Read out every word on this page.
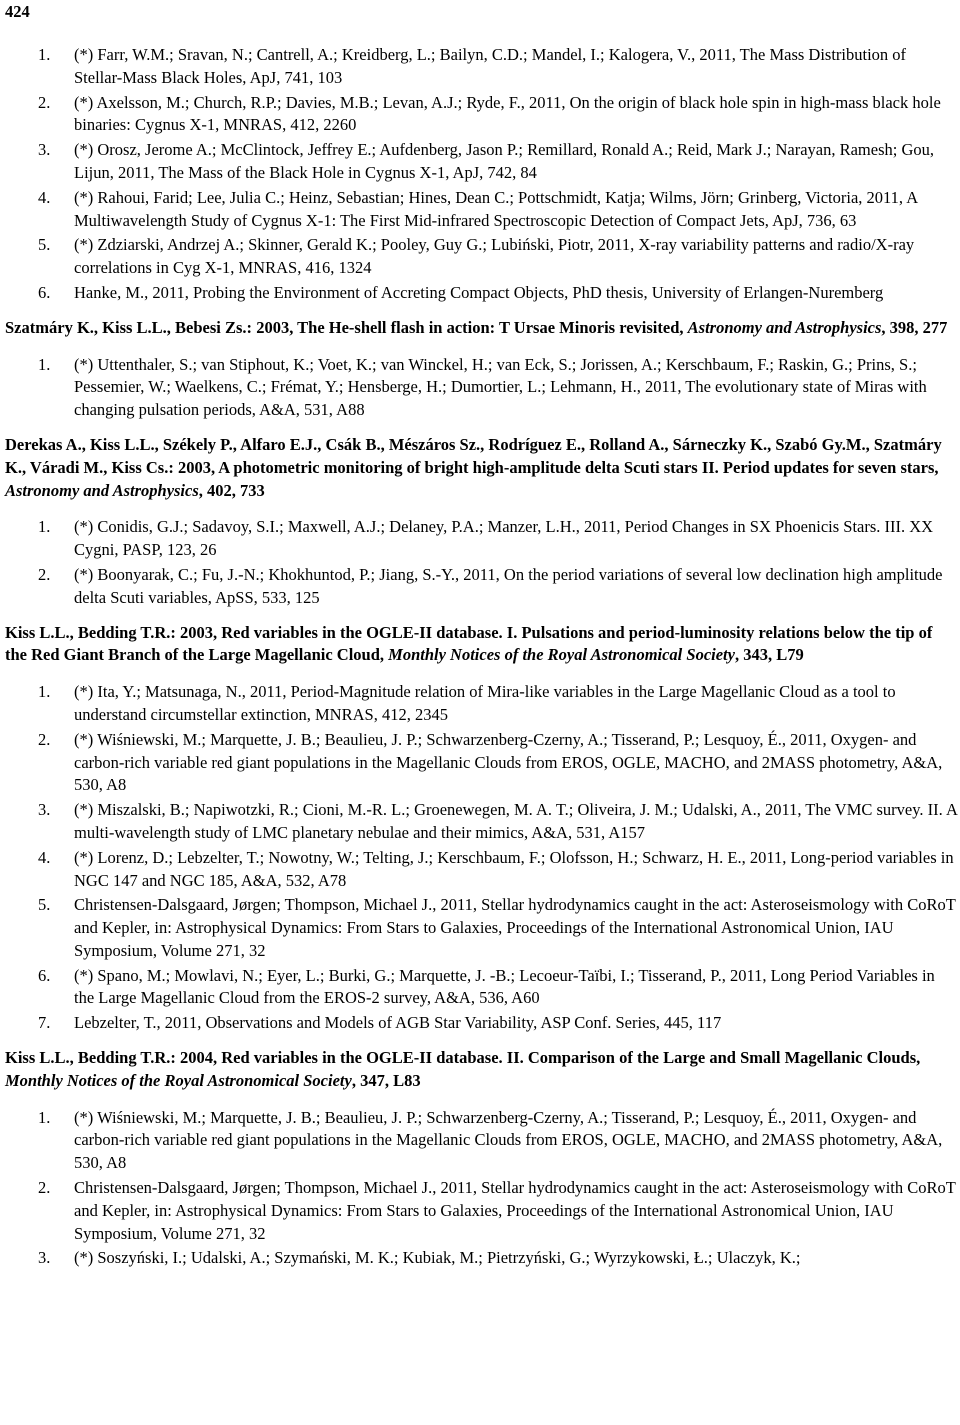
424
1. (*) Farr, W.M.; Sravan, N.; Cantrell, A.; Kreidberg, L.; Bailyn, C.D.; Mandel, I.; Kalogera, V., 2011, The Mass Distribution of Stellar-Mass Black Holes, ApJ, 741, 103
2. (*) Axelsson, M.; Church, R.P.; Davies, M.B.; Levan, A.J.; Ryde, F., 2011, On the origin of black hole spin in high-mass black hole binaries: Cygnus X-1, MNRAS, 412, 2260
3. (*) Orosz, Jerome A.; McClintock, Jeffrey E.; Aufdenberg, Jason P.; Remillard, Ronald A.; Reid, Mark J.; Narayan, Ramesh; Gou, Lijun, 2011, The Mass of the Black Hole in Cygnus X-1, ApJ, 742, 84
4. (*) Rahoui, Farid; Lee, Julia C.; Heinz, Sebastian; Hines, Dean C.; Pottschmidt, Katja; Wilms, Jörn; Grinberg, Victoria, 2011, A Multiwavelength Study of Cygnus X-1: The First Mid-infrared Spectroscopic Detection of Compact Jets, ApJ, 736, 63
5. (*) Zdziarski, Andrzej A.; Skinner, Gerald K.; Pooley, Guy G.; Lubiński, Piotr, 2011, X-ray variability patterns and radio/X-ray correlations in Cyg X-1, MNRAS, 416, 1324
6. Hanke, M., 2011, Probing the Environment of Accreting Compact Objects, PhD thesis, University of Erlangen-Nuremberg
Szatmáry K., Kiss L.L., Bebesi Zs.: 2003, The He-shell flash in action: T Ursae Minoris revisited, Astronomy and Astrophysics, 398, 277
1. (*) Uttenthaler, S.; van Stiphout, K.; Voet, K.; van Winckel, H.; van Eck, S.; Jorissen, A.; Kerschbaum, F.; Raskin, G.; Prins, S.; Pessemier, W.; Waelkens, C.; Frémat, Y.; Hensberge, H.; Dumortier, L.; Lehmann, H., 2011, The evolutionary state of Miras with changing pulsation periods, A&A, 531, A88
Derekas A., Kiss L.L., Székely P., Alfaro E.J., Csák B., Mészáros Sz., Rodríguez E., Rolland A., Sárneczky K., Szabó Gy.M., Szatmáry K., Váradi M., Kiss Cs.: 2003, A photometric monitoring of bright high-amplitude delta Scuti stars II. Period updates for seven stars, Astronomy and Astrophysics, 402, 733
1. (*) Conidis, G.J.; Sadavoy, S.I.; Maxwell, A.J.; Delaney, P.A.; Manzer, L.H., 2011, Period Changes in SX Phoenicis Stars. III. XX Cygni, PASP, 123, 26
2. (*) Boonyarak, C.; Fu, J.-N.; Khokhuntod, P.; Jiang, S.-Y., 2011, On the period variations of several low declination high amplitude delta Scuti variables, ApSS, 533, 125
Kiss L.L., Bedding T.R.: 2003, Red variables in the OGLE-II database. I. Pulsations and period-luminosity relations below the tip of the Red Giant Branch of the Large Magellanic Cloud, Monthly Notices of the Royal Astronomical Society, 343, L79
1. (*) Ita, Y.; Matsunaga, N., 2011, Period-Magnitude relation of Mira-like variables in the Large Magellanic Cloud as a tool to understand circumstellar extinction, MNRAS, 412, 2345
2. (*) Wiśniewski, M.; Marquette, J. B.; Beaulieu, J. P.; Schwarzenberg-Czerny, A.; Tisserand, P.; Lesquoy, É., 2011, Oxygen- and carbon-rich variable red giant populations in the Magellanic Clouds from EROS, OGLE, MACHO, and 2MASS photometry, A&A, 530, A8
3. (*) Miszalski, B.; Napiwotzki, R.; Cioni, M.-R. L.; Groenewegen, M. A. T.; Oliveira, J. M.; Udalski, A., 2011, The VMC survey. II. A multi-wavelength study of LMC planetary nebulae and their mimics, A&A, 531, A157
4. (*) Lorenz, D.; Lebzelter, T.; Nowotny, W.; Telting, J.; Kerschbaum, F.; Olofsson, H.; Schwarz, H. E., 2011, Long-period variables in NGC 147 and NGC 185, A&A, 532, A78
5. Christensen-Dalsgaard, Jørgen; Thompson, Michael J., 2011, Stellar hydrodynamics caught in the act: Asteroseismology with CoRoT and Kepler, in: Astrophysical Dynamics: From Stars to Galaxies, Proceedings of the International Astronomical Union, IAU Symposium, Volume 271, 32
6. (*) Spano, M.; Mowlavi, N.; Eyer, L.; Burki, G.; Marquette, J. -B.; Lecoeur-Taïbi, I.; Tisserand, P., 2011, Long Period Variables in the Large Magellanic Cloud from the EROS-2 survey, A&A, 536, A60
7. Lebzelter, T., 2011, Observations and Models of AGB Star Variability, ASP Conf. Series, 445, 117
Kiss L.L., Bedding T.R.: 2004, Red variables in the OGLE-II database. II. Comparison of the Large and Small Magellanic Clouds, Monthly Notices of the Royal Astronomical Society, 347, L83
1. (*) Wiśniewski, M.; Marquette, J. B.; Beaulieu, J. P.; Schwarzenberg-Czerny, A.; Tisserand, P.; Lesquoy, É., 2011, Oxygen- and carbon-rich variable red giant populations in the Magellanic Clouds from EROS, OGLE, MACHO, and 2MASS photometry, A&A, 530, A8
2. Christensen-Dalsgaard, Jørgen; Thompson, Michael J., 2011, Stellar hydrodynamics caught in the act: Asteroseismology with CoRoT and Kepler, in: Astrophysical Dynamics: From Stars to Galaxies, Proceedings of the International Astronomical Union, IAU Symposium, Volume 271, 32
3. (*) Soszyński, I.; Udalski, A.; Szymański, M. K.; Kubiak, M.; Pietrzyński, G.; Wyrzykowski, Ł.; Ulaczyk, K.;
